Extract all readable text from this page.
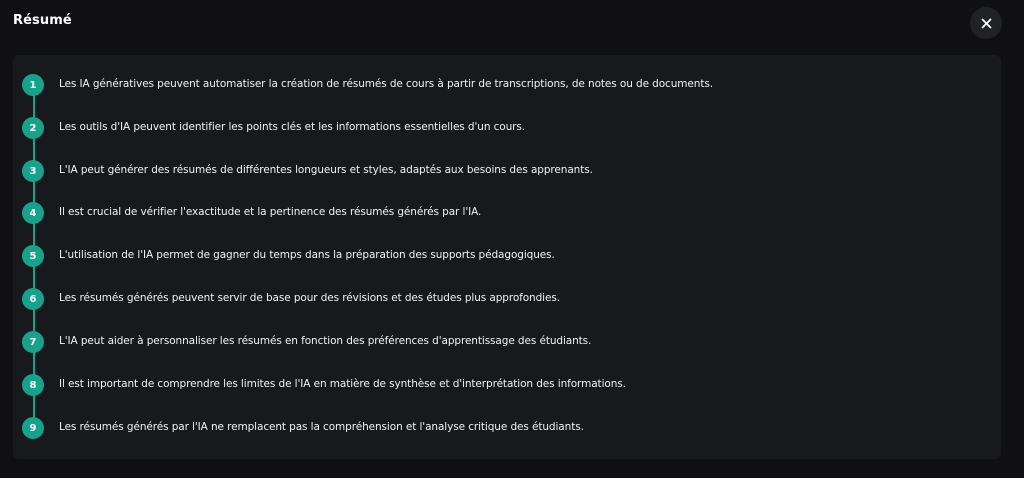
Résumé
1	Les IA génératives peuvent automatiser la création de résumés de cours à partir de transcriptions, de notes ou de documents.
2	Les outils d'IA peuvent identifier les points clés et les informations essentielles d'un cours.
3	L'IA peut générer des résumés de différentes longueurs et styles, adaptés aux besoins des apprenants.
4	Il est crucial de vérifier l'exactitude et la pertinence des résumés générés par l'IA.
5	L'utilisation de l'IA permet de gagner du temps dans la préparation des supports pédagogiques.
6	Les résumés générés peuvent servir de base pour des révisions et des études plus approfondies.
7	L'IA peut aider à personnaliser les résumés en fonction des préférences d'apprentissage des étudiants.
8	Il est important de comprendre les limites de l'IA en matière de synthèse et d'interprétation des informations.
9	Les résumés générés par l'IA ne remplacent pas la compréhension et l'analyse critique des étudiants.
